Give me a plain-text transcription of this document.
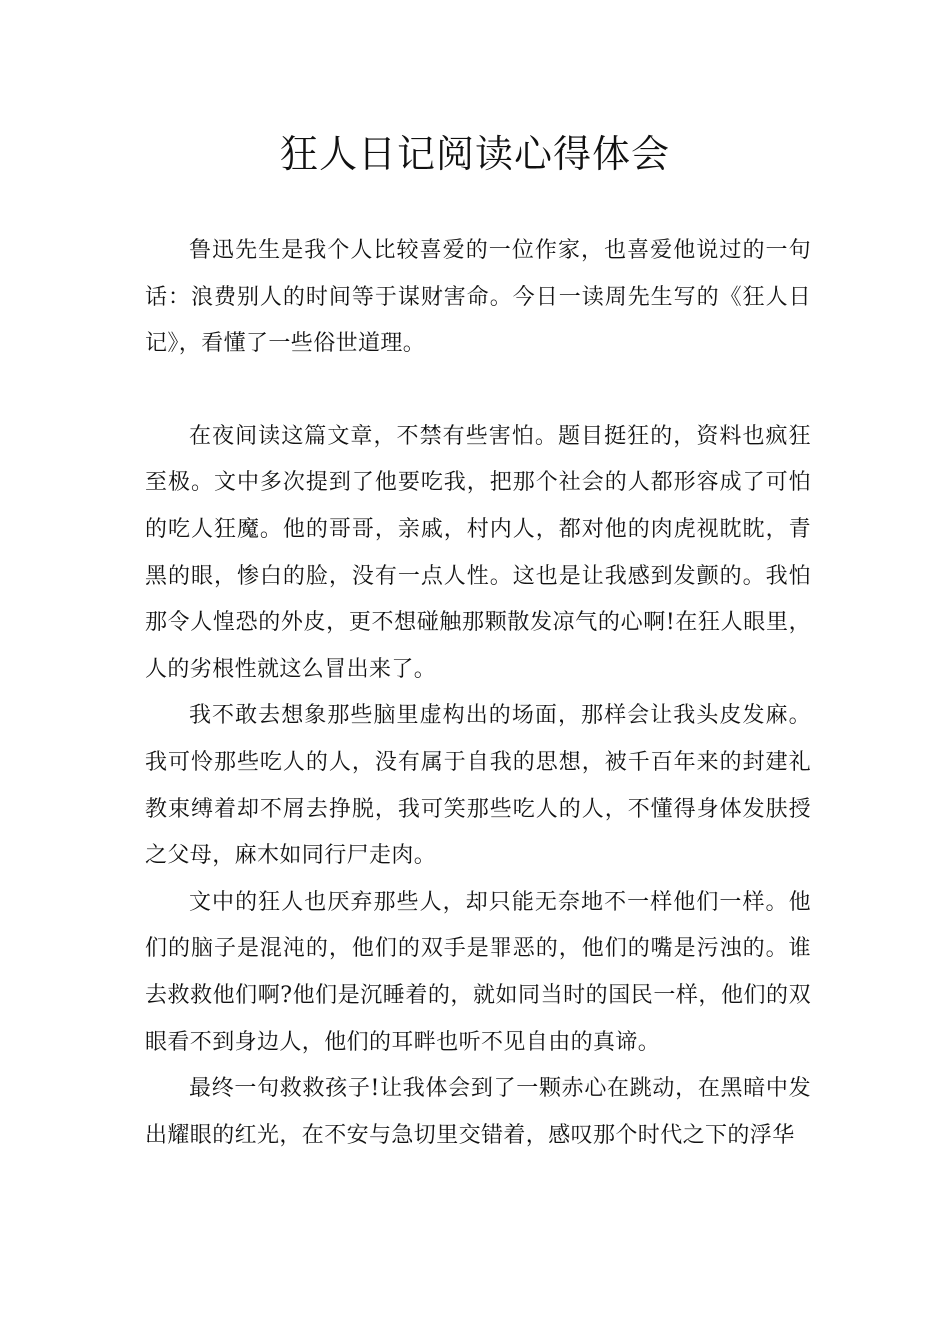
狂人日记阅读心得体会

鲁迅先生是我个人比较喜爱的一位作家，也喜爱他说过的一句话：浪费别人的时间等于谋财害命。今日一读周先生写的《狂人日记》，看懂了一些俗世道理。

在夜间读这篇文章，不禁有些害怕。题目挺狂的，资料也疯狂至极。文中多次提到了他要吃我，把那个社会的人都形容成了可怕的吃人狂魔。他的哥哥，亲戚，村内人，都对他的肉虎视眈眈，青黑的眼，惨白的脸，没有一点人性。这也是让我感到发颤的。我怕那令人惶恐的外皮，更不想碰触那颗散发凉气的心啊!在狂人眼里，人的劣根性就这么冒出来了。

我不敢去想象那些脑里虚构出的场面，那样会让我头皮发麻。我可怜那些吃人的人，没有属于自我的思想，被千百年来的封建礼教束缚着却不屑去挣脱，我可笑那些吃人的人，不懂得身体发肤授之父母，麻木如同行尸走肉。

文中的狂人也厌弃那些人，却只能无奈地不一样他们一样。他们的脑子是混沌的，他们的双手是罪恶的，他们的嘴是污浊的。谁去救救他们啊?他们是沉睡着的，就如同当时的国民一样，他们的双眼看不到身边人，他们的耳畔也听不见自由的真谛。

最终一句救救孩子!让我体会到了一颗赤心在跳动，在黑暗中发出耀眼的红光，在不安与急切里交错着，感叹那个时代之下的浮华
